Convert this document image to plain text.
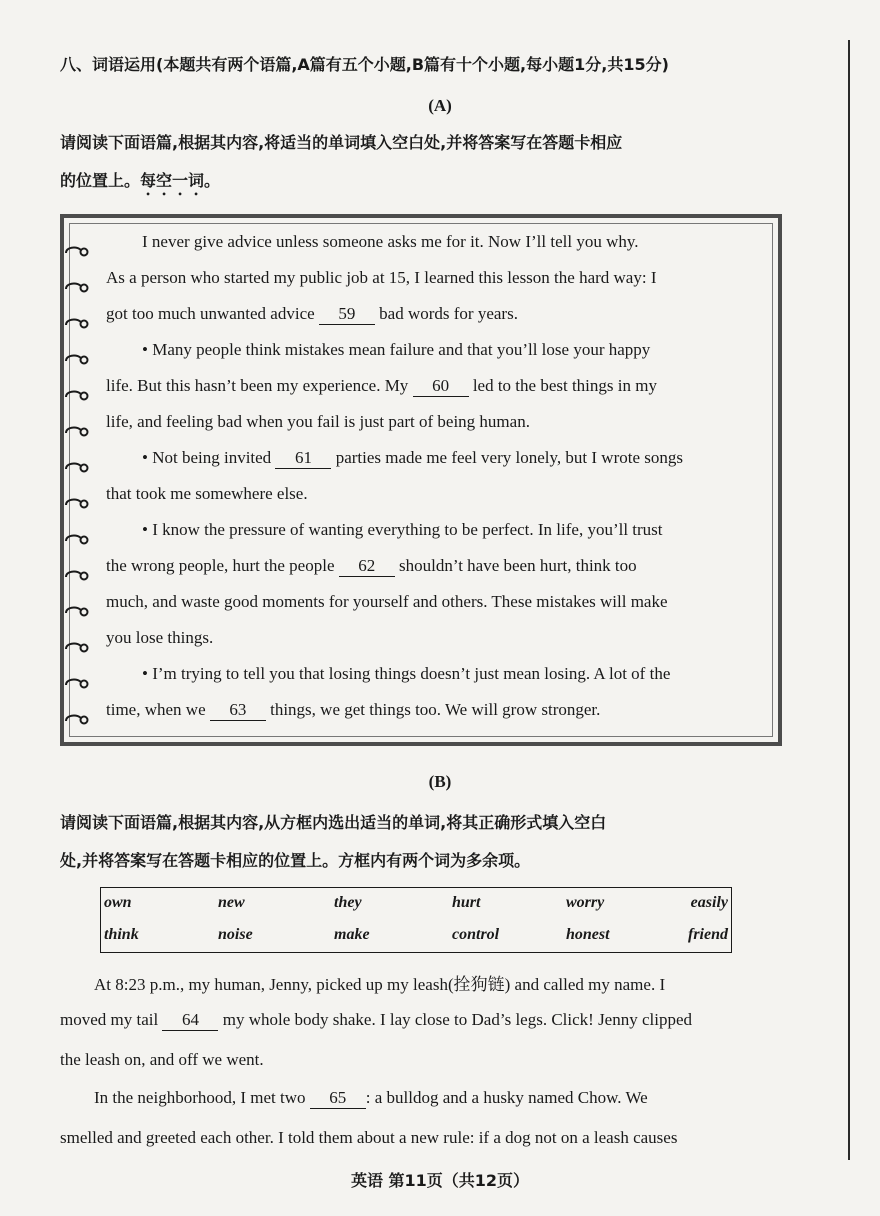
八、词语运用(本题共有两个语篇,A篇有五个小题,B篇有十个小题,每小题1分,共15分)
(A)
请阅读下面语篇,根据其内容,将适当的单词填入空白处,并将答案写在答题卡相应
的位置上。每空一词。
I never give advice unless someone asks me for it. Now I’ll tell you why.
As a person who started my public job at 15, I learned this lesson the hard way: I
got too much unwanted advice 59 bad words for years.
• Many people think mistakes mean failure and that you’ll lose your happy
life. But this hasn’t been my experience. My 60 led to the best things in my
life, and feeling bad when you fail is just part of being human.
• Not being invited 61 parties made me feel very lonely, but I wrote songs
that took me somewhere else.
• I know the pressure of wanting everything to be perfect. In life, you’ll trust
the wrong people, hurt the people 62 shouldn’t have been hurt, think too
much, and waste good moments for yourself and others. These mistakes will make
you lose things.
• I’m trying to tell you that losing things doesn’t just mean losing. A lot of the
time, when we 63 things, we get things too. We will grow stronger.
(B)
请阅读下面语篇,根据其内容,从方框内选出适当的单词,将其正确形式填入空白
处,并将答案写在答题卡相应的位置上。方框内有两个词为多余项。
own	new	they	hurt	worry	easily
think	noise	make	control	honest	friend
At 8:23 p.m., my human, Jenny, picked up my leash(拴狗链) and called my name. I
moved my tail 64 my whole body shake. I lay close to Dad’s legs. Click! Jenny clipped
the leash on, and off we went.
In the neighborhood, I met two 65 : a bulldog and a husky named Chow. We
smelled and greeted each other. I told them about a new rule: if a dog not on a leash causes
英语 第11页（共12页）
